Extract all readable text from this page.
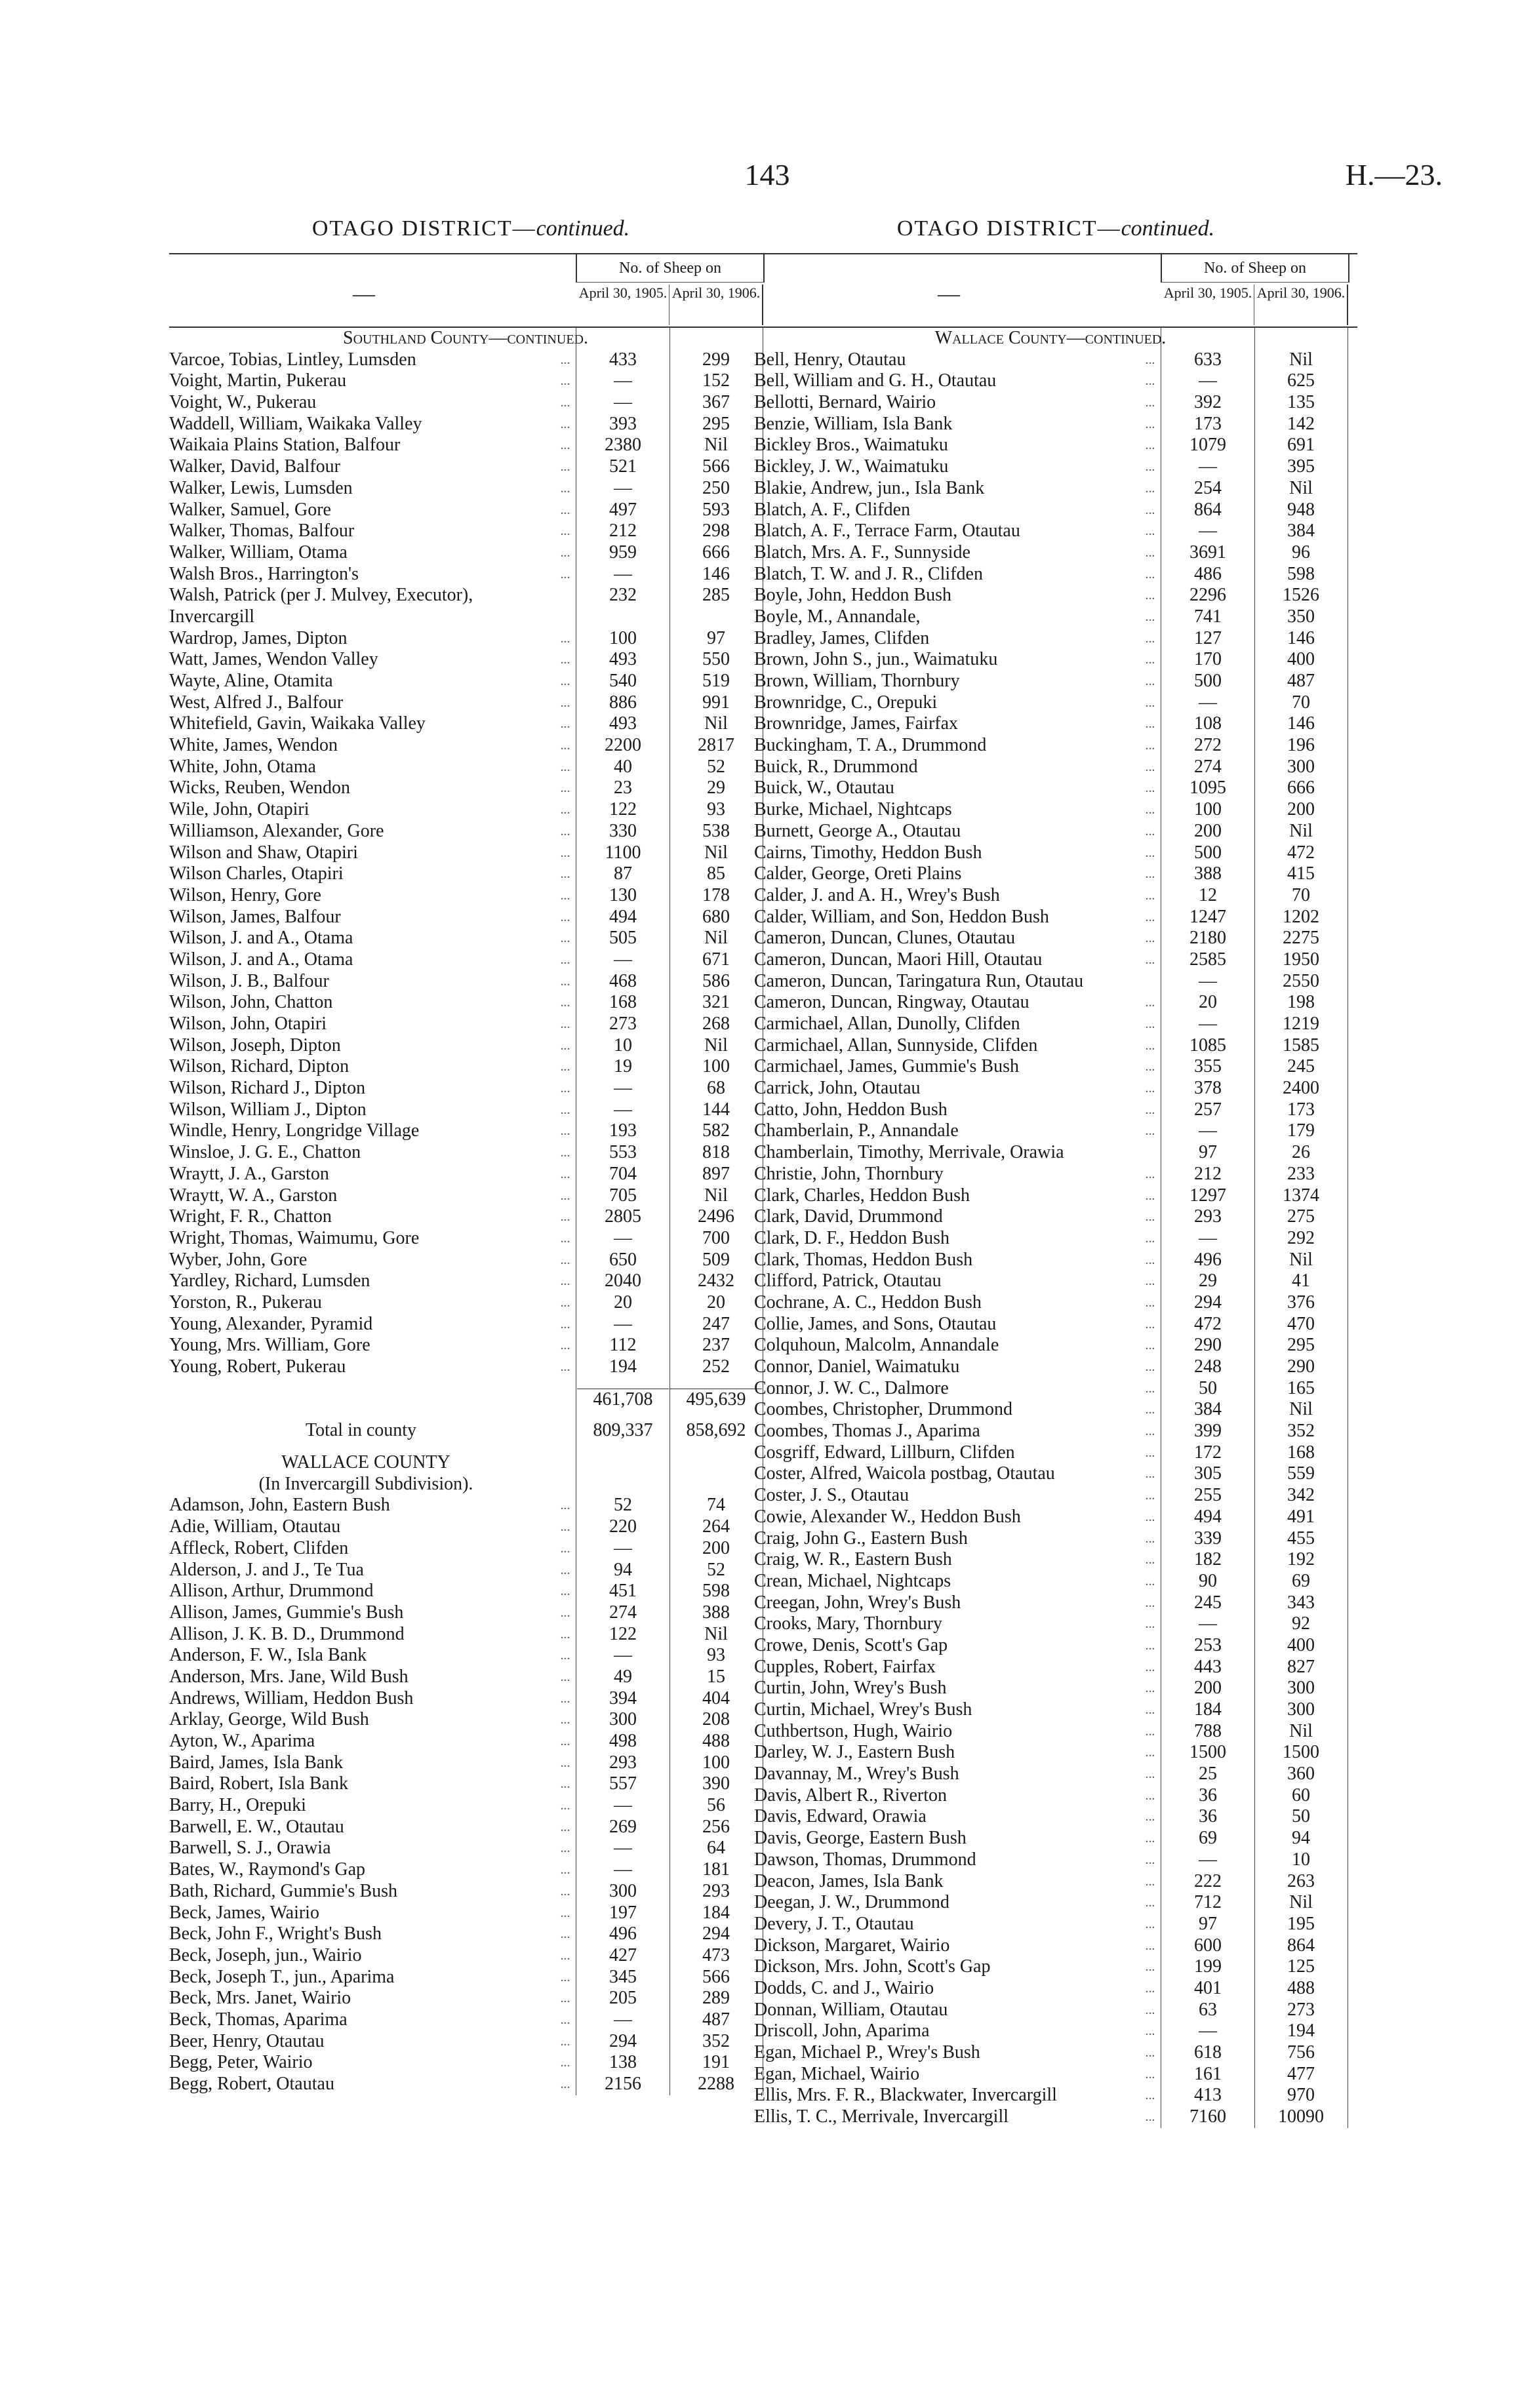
143	H.—23.
OTAGO DISTRICT—continued.
—
No. of Sheep on
April 30, 1905. April 30, 1906.
Southland County—continued.
Varcoe, Tobias, Lintley, Lumsden	...	433	299
Voight, Martin, Pukerau	...	—	152
Voight, W., Pukerau	...	—	367
Waddell, William, Waikaka Valley	...	393	295
Waikaia Plains Station, Balfour	...	2380	Nil
Walker, David, Balfour	...	521	566
Walker, Lewis, Lumsden	...	—	250
Walker, Samuel, Gore	...	497	593
Walker, Thomas, Balfour	...	212	298
Walker, William, Otama	...	959	666
Walsh Bros., Harrington's	...	—	146
Walsh, Patrick (per J. Mulvey, Executor),	232	285
Invercargill
Wardrop, James, Dipton	...	100	97
Watt, James, Wendon Valley	...	493	550
Wayte, Aline, Otamita	...	540	519
West, Alfred J., Balfour	...	886	991
Whitefield, Gavin, Waikaka Valley	...	493	Nil
White, James, Wendon	...	2200	2817
White, John, Otama	...	40	52
Wicks, Reuben, Wendon	...	23	29
Wile, John, Otapiri	...	122	93
Williamson, Alexander, Gore	...	330	538
Wilson and Shaw, Otapiri	...	1100	Nil
Wilson Charles, Otapiri	...	87	85
Wilson, Henry, Gore	...	130	178
Wilson, James, Balfour	...	494	680
Wilson, J. and A., Otama	...	505	Nil
Wilson, J. and A., Otama	...	—	671
Wilson, J. B., Balfour	...	468	586
Wilson, John, Chatton	...	168	321
Wilson, John, Otapiri	...	273	268
Wilson, Joseph, Dipton	...	10	Nil
Wilson, Richard, Dipton	...	19	100
Wilson, Richard J., Dipton	...	—	68
Wilson, William J., Dipton	...	—	144
Windle, Henry, Longridge Village	...	193	582
Winsloe, J. G. E., Chatton	...	553	818
Wraytt, J. A., Garston	...	704	897
Wraytt, W. A., Garston	...	705	Nil
Wright, F. R., Chatton	...	2805	2496
Wright, Thomas, Waimumu, Gore	...	—	700
Wyber, John, Gore	...	650	509
Yardley, Richard, Lumsden	...	2040	2432
Yorston, R., Pukerau	...	20	20
Young, Alexander, Pyramid	...	—	247
Young, Mrs. William, Gore	...	112	237
Young, Robert, Pukerau	...	194	252
461,708	495,639
Total in county	809,337	858,692
WALLACE COUNTY
(In Invercargill Subdivision).
Adamson, John, Eastern Bush	...	52	74
Adie, William, Otautau	...	220	264
Affleck, Robert, Clifden	...	—	200
Alderson, J. and J., Te Tua	...	94	52
Allison, Arthur, Drummond	...	451	598
Allison, James, Gummie's Bush	...	274	388
Allison, J. K. B. D., Drummond	...	122	Nil
Anderson, F. W., Isla Bank	...	—	93
Anderson, Mrs. Jane, Wild Bush	...	49	15
Andrews, William, Heddon Bush	...	394	404
Arklay, George, Wild Bush	...	300	208
Ayton, W., Aparima	...	498	488
Baird, James, Isla Bank	...	293	100
Baird, Robert, Isla Bank	...	557	390
Barry, H., Orepuki	...	—	56
Barwell, E. W., Otautau	...	269	256
Barwell, S. J., Orawia	...	—	64
Bates, W., Raymond's Gap	...	—	181
Bath, Richard, Gummie's Bush	...	300	293
Beck, James, Wairio	...	197	184
Beck, John F., Wright's Bush	...	496	294
Beck, Joseph, jun., Wairio	...	427	473
Beck, Joseph T., jun., Aparima	...	345	566
Beck, Mrs. Janet, Wairio	...	205	289
Beck, Thomas, Aparima	...	—	487
Beer, Henry, Otautau	...	294	352
Begg, Peter, Wairio	...	138	191
Begg, Robert, Otautau	...	2156	2288
OTAGO DISTRICT—continued.
—
No. of Sheep on
April 30, 1905. April 30, 1906.
Wallace County—continued.
Bell, Henry, Otautau	...	633	Nil
Bell, William and G. H., Otautau	...	—	625
Bellotti, Bernard, Wairio	...	392	135
Benzie, William, Isla Bank	...	173	142
Bickley Bros., Waimatuku	...	1079	691
Bickley, J. W., Waimatuku	...	—	395
Blakie, Andrew, jun., Isla Bank	...	254	Nil
Blatch, A. F., Clifden	...	864	948
Blatch, A. F., Terrace Farm, Otautau	...	—	384
Blatch, Mrs. A. F., Sunnyside	...	3691	96
Blatch, T. W. and J. R., Clifden	...	486	598
Boyle, John, Heddon Bush	...	2296	1526
Boyle, M., Annandale,	...	741	350
Bradley, James, Clifden	...	127	146
Brown, John S., jun., Waimatuku	...	170	400
Brown, William, Thornbury	...	500	487
Brownridge, C., Orepuki	...	—	70
Brownridge, James, Fairfax	...	108	146
Buckingham, T. A., Drummond	...	272	196
Buick, R., Drummond	...	274	300
Buick, W., Otautau	...	1095	666
Burke, Michael, Nightcaps	...	100	200
Burnett, George A., Otautau	...	200	Nil
Cairns, Timothy, Heddon Bush	...	500	472
Calder, George, Oreti Plains	...	388	415
Calder, J. and A. H., Wrey's Bush	...	12	70
Calder, William, and Son, Heddon Bush	...	1247	1202
Cameron, Duncan, Clunes, Otautau	...	2180	2275
Cameron, Duncan, Maori Hill, Otautau	...	2585	1950
Cameron, Duncan, Taringatura Run, Otautau	—	2550
Cameron, Duncan, Ringway, Otautau	...	20	198
Carmichael, Allan, Dunolly, Clifden	...	—	1219
Carmichael, Allan, Sunnyside, Clifden	...	1085	1585
Carmichael, James, Gummie's Bush	...	355	245
Carrick, John, Otautau	...	378	2400
Catto, John, Heddon Bush	...	257	173
Chamberlain, P., Annandale	...	—	179
Chamberlain, Timothy, Merrivale, Orawia	97	26
Christie, John, Thornbury	...	212	233
Clark, Charles, Heddon Bush	...	1297	1374
Clark, David, Drummond	...	293	275
Clark, D. F., Heddon Bush	...	—	292
Clark, Thomas, Heddon Bush	...	496	Nil
Clifford, Patrick, Otautau	...	29	41
Cochrane, A. C., Heddon Bush	...	294	376
Collie, James, and Sons, Otautau	...	472	470
Colquhoun, Malcolm, Annandale	...	290	295
Connor, Daniel, Waimatuku	...	248	290
Connor, J. W. C., Dalmore	...	50	165
Coombes, Christopher, Drummond	...	384	Nil
Coombes, Thomas J., Aparima	...	399	352
Cosgriff, Edward, Lillburn, Clifden	...	172	168
Coster, Alfred, Waicola postbag, Otautau	...	305	559
Coster, J. S., Otautau	...	255	342
Cowie, Alexander W., Heddon Bush	...	494	491
Craig, John G., Eastern Bush	...	339	455
Craig, W. R., Eastern Bush	...	182	192
Crean, Michael, Nightcaps	...	90	69
Creegan, John, Wrey's Bush	...	245	343
Crooks, Mary, Thornbury	...	—	92
Crowe, Denis, Scott's Gap	...	253	400
Cupples, Robert, Fairfax	...	443	827
Curtin, John, Wrey's Bush	...	200	300
Curtin, Michael, Wrey's Bush	...	184	300
Cuthbertson, Hugh, Wairio	...	788	Nil
Darley, W. J., Eastern Bush	...	1500	1500
Davannay, M., Wrey's Bush	...	25	360
Davis, Albert R., Riverton	...	36	60
Davis, Edward, Orawia	...	36	50
Davis, George, Eastern Bush	...	69	94
Dawson, Thomas, Drummond	...	—	10
Deacon, James, Isla Bank	...	222	263
Deegan, J. W., Drummond	...	712	Nil
Devery, J. T., Otautau	...	97	195
Dickson, Margaret, Wairio	...	600	864
Dickson, Mrs. John, Scott's Gap	...	199	125
Dodds, C. and J., Wairio	...	401	488
Donnan, William, Otautau	...	63	273
Driscoll, John, Aparima	...	—	194
Egan, Michael P., Wrey's Bush	...	618	756
Egan, Michael, Wairio	...	161	477
Ellis, Mrs. F. R., Blackwater, Invercargill	...	413	970
Ellis, T. C., Merrivale, Invercargill	...	7160	10090
